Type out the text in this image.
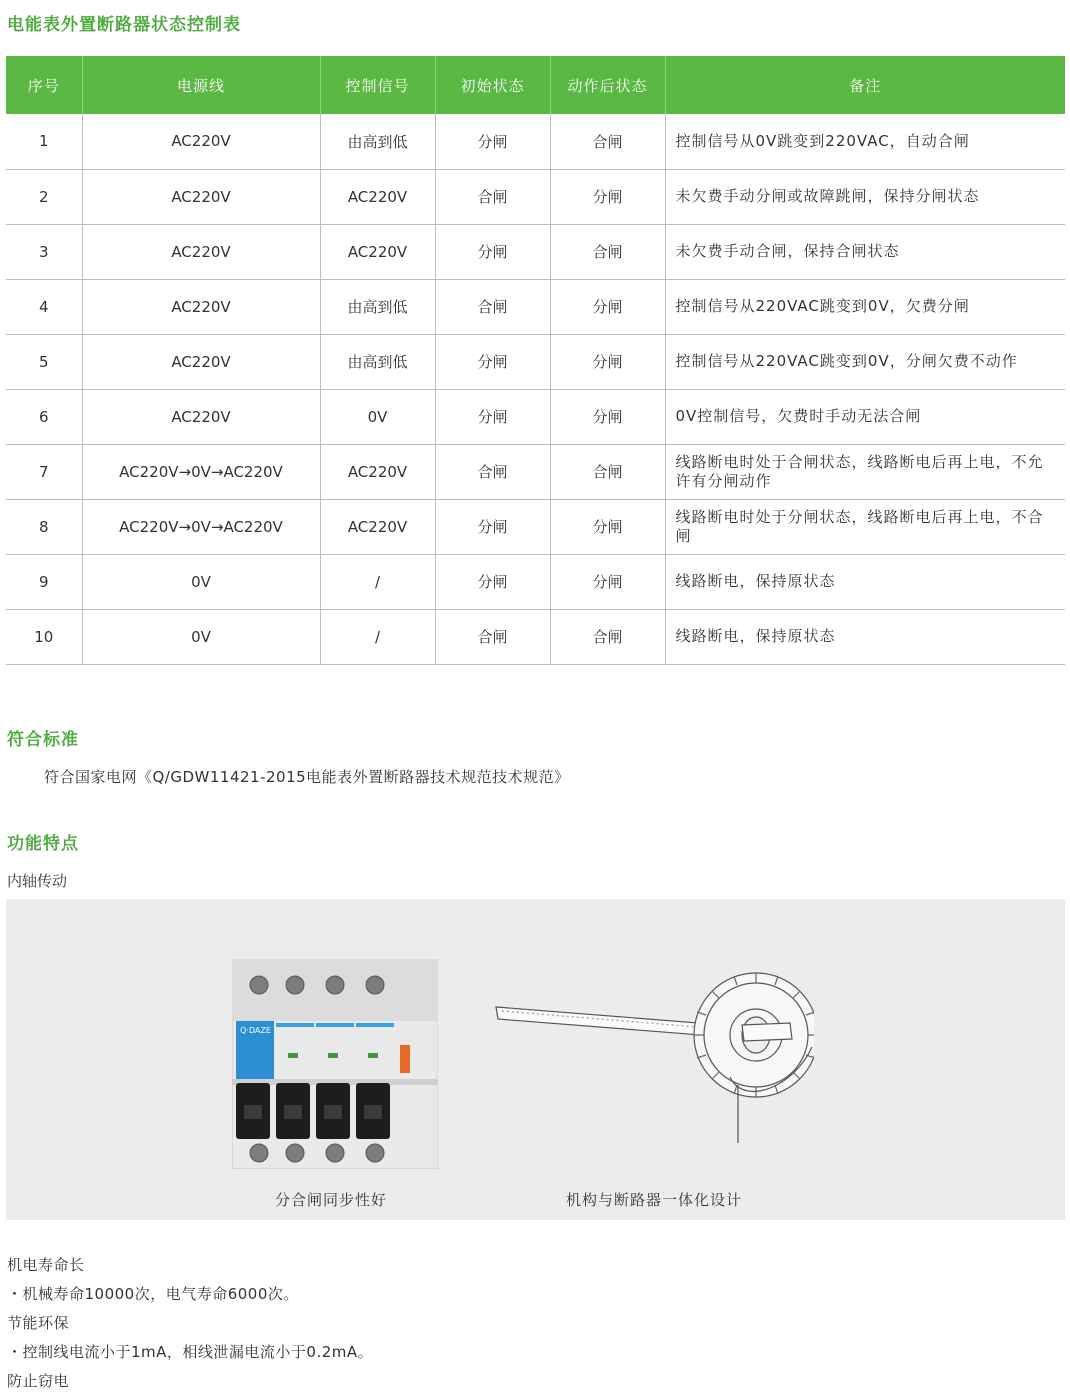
电能表外置断路器状态控制表
序号	电源线	控制信号	初始状态	动作后状态	备注
1	AC220V	由高到低	分闸	合闸	控制信号从0V跳变到220VAC，自动合闸
2	AC220V	AC220V	合闸	分闸	未欠费手动分闸或故障跳闸，保持分闸状态
3	AC220V	AC220V	分闸	合闸	未欠费手动合闸，保持合闸状态
4	AC220V	由高到低	合闸	分闸	控制信号从220VAC跳变到0V，欠费分闸
5	AC220V	由高到低	分闸	分闸	控制信号从220VAC跳变到0V，分闸欠费不动作
6	AC220V	0V	分闸	分闸	0V控制信号，欠费时手动无法合闸
7	AC220V→0V→AC220V	AC220V	合闸	合闸	线路断电时处于合闸状态，线路断电后再上电，不允许有分闸动作
8	AC220V→0V→AC220V	AC220V	分闸	分闸	线路断电时处于分闸状态，线路断电后再上电，不合闸
9	0V	/	分闸	分闸	线路断电，保持原状态
10	0V	/	合闸	合闸	线路断电，保持原状态
符合标准
符合国家电网《Q/GDW11421-2015电能表外置断路器技术规范技术规范》
功能特点
内轴传动
Q·DAZE
分合闸同步性好	机构与断路器一体化设计
机电寿命长
・机械寿命10000次，电气寿命6000次。
节能环保
・控制线电流小于1mA，相线泄漏电流小于0.2mA。
防止窃电
